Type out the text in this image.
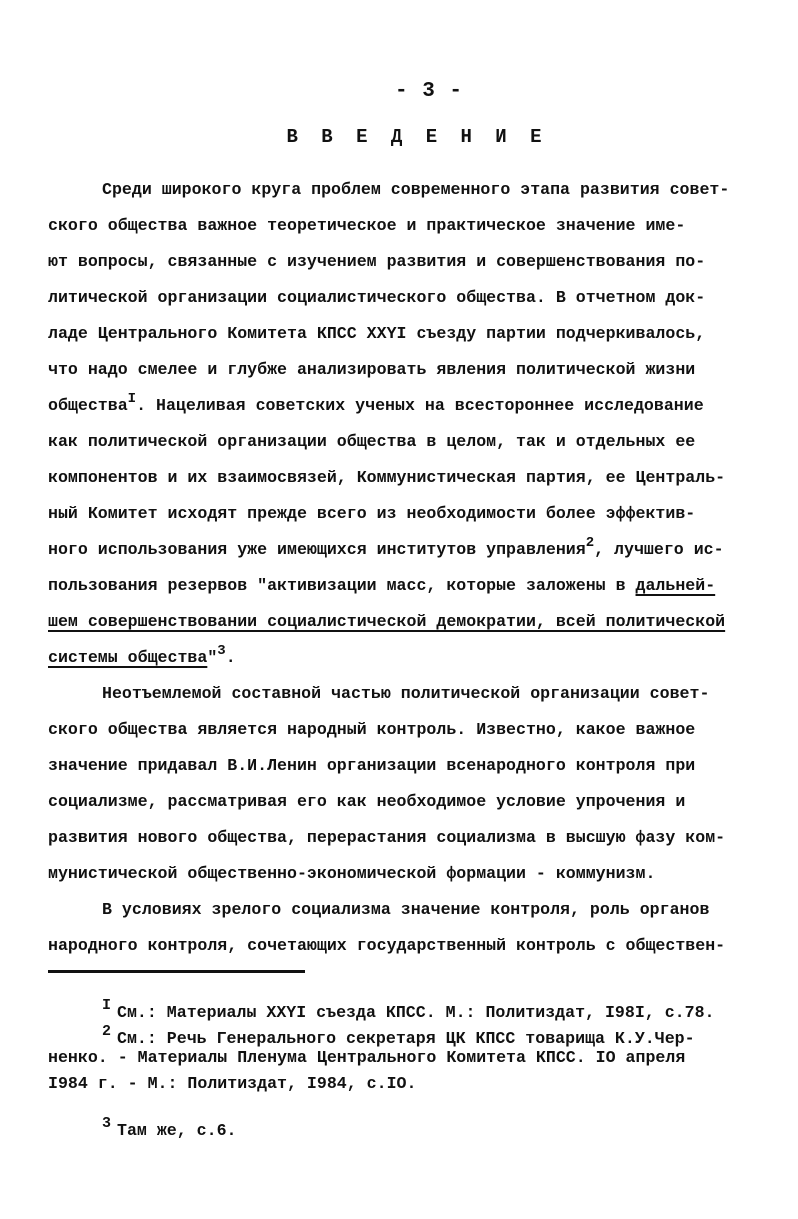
- 3 -
В В Е Д Е Н И Е
Среди широкого круга проблем современного этапа развития совет-
ского общества важное теоретическое и практическое значение име-
ют вопросы, связанные с изучением развития и совершенствования по-
литической организации социалистического общества. В отчетном док-
ладе Центрального Комитета КПСС XXYI съезду партии подчеркивалось,
что надо смелее и глубже анализировать явления политической жизни
общества$^I$. Нацеливая советских ученых на всестороннее исследование
как политической организации общества в целом, так и отдельных ее
компонентов и их взаимосвязей, Коммунистическая партия, ее Централь-
ный Комитет исходят прежде всего из необходимости более эффектив-
ного использования уже имеющихся институтов управления$^2$, лучшего ис-
пользования резервов "активизации масс, которые заложены в дальней-
шем совершенствовании социалистической демократии, всей политической
системы общества"$^3$.
Неотъемлемой составной частью политической организации совет-
ского общества является народный контроль. Известно, какое важное
значение придавал В.И.Ленин организации всенародного контроля при
социализме, рассматривая его как необходимое условие упрочения и
развития нового общества, перерастания социализма в высшую фазу ком-
мунистической общественно-экономической формации - коммунизм.
В условиях зрелого социализма значение контроля, роль органов
народного контроля, сочетающих государственный контроль с обществен-
I См.: Материалы XXYI съезда КПСС. М.: Политиздат, I98I, с.78.
2 См.: Речь Генерального секретаря ЦК КПСС товарища К.У.Чер-
ненко. - Материалы Пленума Центрального Комитета КПСС. IO апреля
I984 г. - М.: Политиздат, I984, с.IO.
3 Там же, с.6.
